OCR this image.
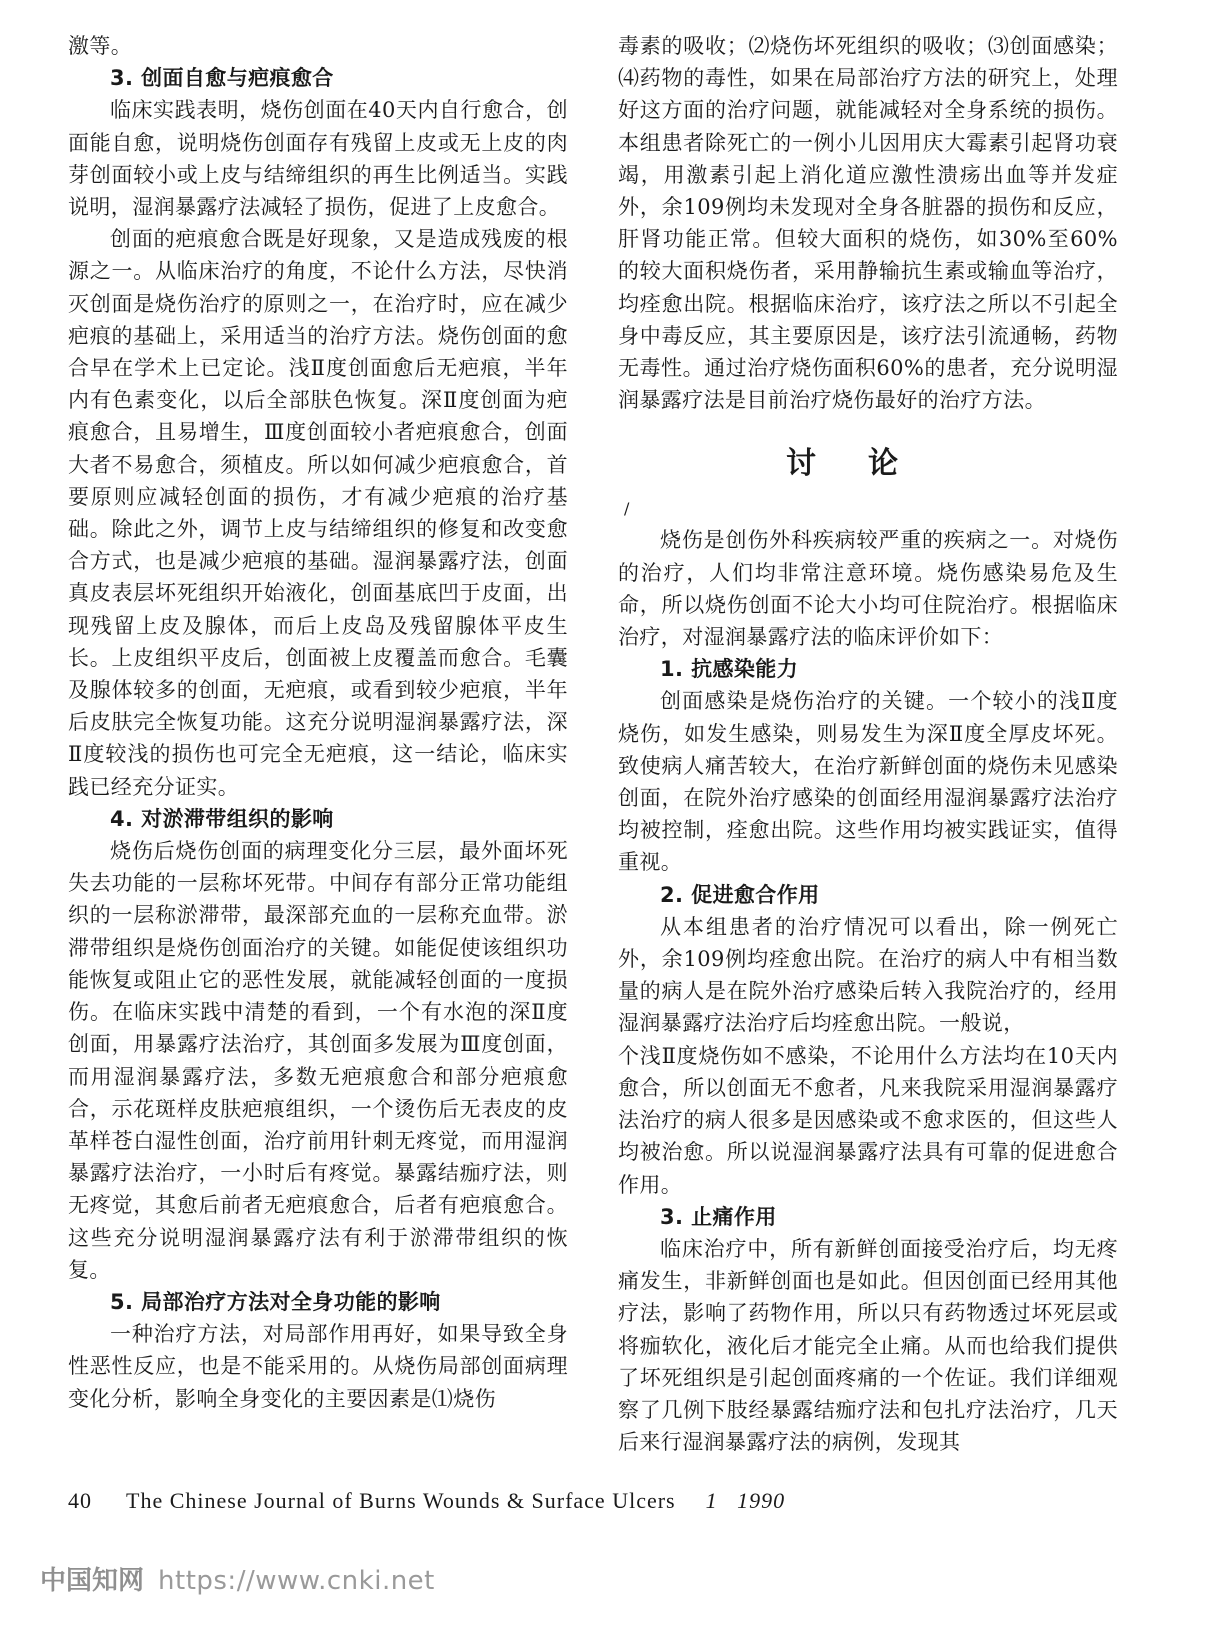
激等。

3. 创面自愈与疤痕愈合

临床实践表明，烧伤创面在40天内自行愈合，创面能自愈，说明烧伤创面存有残留上皮或无上皮的肉芽创面较小或上皮与结缔组织的再生比例适当。实践说明，湿润暴露疗法减轻了损伤，促进了上皮愈合。

创面的疤痕愈合既是好现象，又是造成残废的根源之一。从临床治疗的角度，不论什么方法，尽快消灭创面是烧伤治疗的原则之一，在治疗时，应在减少疤痕的基础上，采用适当的治疗方法。烧伤创面的愈合早在学术上已定论。浅Ⅱ度创面愈后无疤痕，半年内有色素变化，以后全部肤色恢复。深Ⅱ度创面为疤痕愈合，且易增生，Ⅲ度创面较小者疤痕愈合，创面大者不易愈合，须植皮。所以如何减少疤痕愈合，首要原则应减轻创面的损伤，才有减少疤痕的治疗基础。除此之外，调节上皮与结缔组织的修复和改变愈合方式，也是减少疤痕的基础。湿润暴露疗法，创面真皮表层坏死组织开始液化，创面基底凹于皮面，出现残留上皮及腺体，而后上皮岛及残留腺体平皮生长。上皮组织平皮后，创面被上皮覆盖而愈合。毛囊及腺体较多的创面，无疤痕，或看到较少疤痕，半年后皮肤完全恢复功能。这充分说明湿润暴露疗法，深Ⅱ度较浅的损伤也可完全无疤痕，这一结论，临床实践已经充分证实。

4. 对淤滞带组织的影响

烧伤后烧伤创面的病理变化分三层，最外面坏死失去功能的一层称坏死带。中间存有部分正常功能组织的一层称淤滞带，最深部充血的一层称充血带。淤滞带组织是烧伤创面治疗的关键。如能促使该组织功能恢复或阻止它的恶性发展，就能减轻创面的一度损伤。在临床实践中清楚的看到，一个有水泡的深Ⅱ度创面，用暴露疗法治疗，其创面多发展为Ⅲ度创面，而用湿润暴露疗法，多数无疤痕愈合和部分疤痕愈合，示花斑样皮肤疤痕组织，一个烫伤后无表皮的皮革样苍白湿性创面，治疗前用针刺无疼觉，而用湿润暴露疗法治疗，一小时后有疼觉。暴露结痂疗法，则无疼觉，其愈后前者无疤痕愈合，后者有疤痕愈合。这些充分说明湿润暴露疗法有利于淤滞带组织的恢复。

5. 局部治疗方法对全身功能的影响

一种治疗方法，对局部作用再好，如果导致全身性恶性反应，也是不能采用的。从烧伤局部创面病理变化分析，影响全身变化的主要因素是⑴烧伤

毒素的吸收；⑵烧伤坏死组织的吸收；⑶创面感染；⑷药物的毒性，如果在局部治疗方法的研究上，处理好这方面的治疗问题，就能减轻对全身系统的损伤。本组患者除死亡的一例小儿因用庆大霉素引起肾功衰竭，用激素引起上消化道应激性溃疡出血等并发症外，余109例均未发现对全身各脏器的损伤和反应，肝肾功能正常。但较大面积的烧伤，如30%至60%的较大面积烧伤者，采用静输抗生素或输血等治疗，均痊愈出院。根据临床治疗，该疗法之所以不引起全身中毒反应，其主要原因是，该疗法引流通畅，药物无毒性。通过治疗烧伤面积60%的患者，充分说明湿润暴露疗法是目前治疗烧伤最好的治疗方法。

讨论
/

烧伤是创伤外科疾病较严重的疾病之一。对烧伤的治疗，人们均非常注意环境。烧伤感染易危及生命，所以烧伤创面不论大小均可住院治疗。根据临床治疗，对湿润暴露疗法的临床评价如下：

1. 抗感染能力

创面感染是烧伤治疗的关键。一个较小的浅Ⅱ度烧伤，如发生感染，则易发生为深Ⅱ度全厚皮坏死。致使病人痛苦较大，在治疗新鲜创面的烧伤未见感染创面，在院外治疗感染的创面经用湿润暴露疗法治疗均被控制，痊愈出院。这些作用均被实践证实，值得重视。

2. 促进愈合作用

从本组患者的治疗情况可以看出，除一例死亡外，余109例均痊愈出院。在治疗的病人中有相当数量的病人是在院外治疗感染后转入我院治疗的，经用湿润暴露疗法治疗后均痊愈出院。一般说，

个浅Ⅱ度烧伤如不感染，不论用什么方法均在10天内愈合，所以创面无不愈者，凡来我院采用湿润暴露疗法治疗的病人很多是因感染或不愈求医的，但这些人均被治愈。所以说湿润暴露疗法具有可靠的促进愈合作用。

3. 止痛作用

临床治疗中，所有新鲜创面接受治疗后，均无疼痛发生，非新鲜创面也是如此。但因创面已经用其他疗法，影响了药物作用，所以只有药物透过坏死层或将痂软化，液化后才能完全止痛。从而也给我们提供了坏死组织是引起创面疼痛的一个佐证。我们详细观察了几例下肢经暴露结痂疗法和包扎疗法治疗，几天后来行湿润暴露疗法的病例，发现其

40 The Chinese Journal of Burns Wounds & Surface Ulcers 1   1990
中国知网 https://www.cnki.net
